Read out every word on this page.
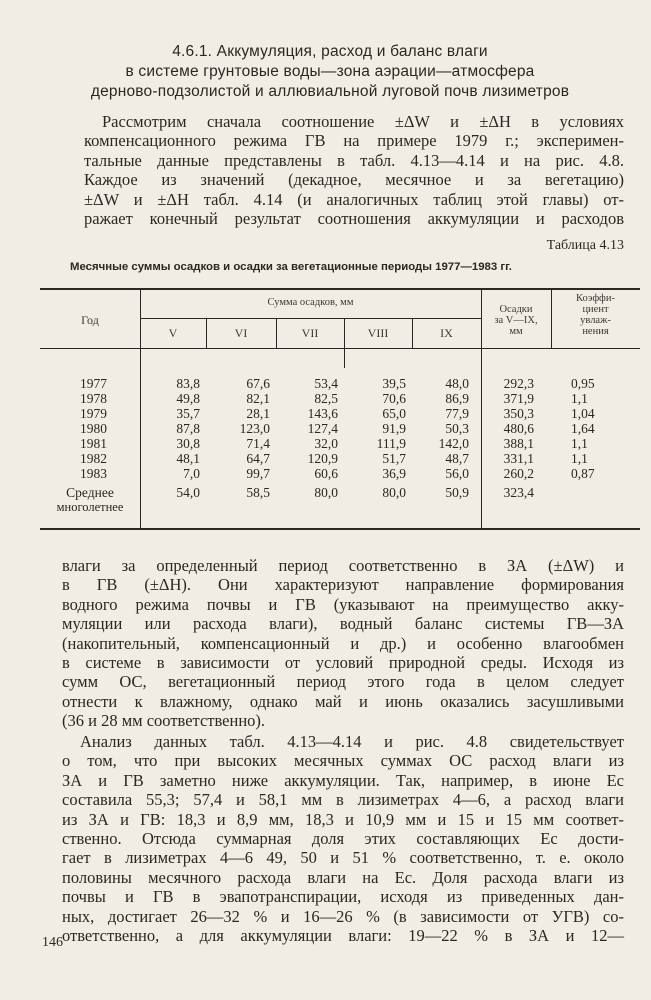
4.6.1. Аккумуляция, расход и баланс влаги
в системе грунтовые воды—зона аэрации—атмосфера
дерново-подзолистой и аллювиальной луговой почв лизиметров
Рассмотрим сначала соотношение ±ΔW и ±ΔH в условиях
компенсационного режима ГВ на примере 1979 г.; эксперимен-
тальные данные представлены в табл. 4.13—4.14 и на рис. 4.8.
Каждое из значений (декадное, месячное и за вегетацию)
±ΔW и ±ΔH табл. 4.14 (и аналогичных таблиц этой главы) от-
ражает конечный результат соотношения аккумуляции и расходов
Таблица 4.13
Месячные суммы осадков и осадки за вегетационные периоды 1977—1983 гг.
Год
Сумма осадков, мм
V	VI	VII	VIII	IX
Осадки
за V—IX,
мм
Коэффи-
циент
увлаж-
нения
1977	83,8	67,6	53,4	39,5	48,0	292,3	0,95
1978	49,8	82,1	82,5	70,6	86,9	371,9	1,1
1979	35,7	28,1	143,6	65,0	77,9	350,3	1,04
1980	87,8	123,0	127,4	91,9	50,3	480,6	1,64
1981	30,8	71,4	32,0	111,9	142,0	388,1	1,1
1982	48,1	64,7	120,9	51,7	48,7	331,1	1,1
1983	7,0	99,7	60,6	36,9	56,0	260,2	0,87
Среднее
многолетнее
54,0	58,5	80,0	80,0	50,9	323,4
влаги за определенный период соответственно в ЗА (±ΔW) и
в ГВ (±ΔH). Они характеризуют направление формирования
водного режима почвы и ГВ (указывают на преимущество акку-
муляции или расхода влаги), водный баланс системы ГВ—ЗА
(накопительный, компенсационный и др.) и особенно влагообмен
в системе в зависимости от условий природной среды. Исходя из
сумм ОС, вегетационный период этого года в целом следует
отнести к влажному, однако май и июнь оказались засушливыми
(36 и 28 мм соответственно).
Анализ данных табл. 4.13—4.14 и рис. 4.8 свидетельствует
о том, что при высоких месячных суммах ОС расход влаги из
ЗА и ГВ заметно ниже аккумуляции. Так, например, в июне Ec
составила 55,3; 57,4 и 58,1 мм в лизиметрах 4—6, а расход влаги
из ЗА и ГВ: 18,3 и 8,9 мм, 18,3 и 10,9 мм и 15 и 15 мм соответ-
ственно. Отсюда суммарная доля этих составляющих Ec дости-
гает в лизиметрах 4—6 49, 50 и 51 % соответственно, т. е. около
половины месячного расхода влаги на Ec. Доля расхода влаги из
почвы и ГВ в эвапотранспирации, исходя из приведенных дан-
ных, достигает 26—32 % и 16—26 % (в зависимости от УГВ) со-
ответственно, а для аккумуляции влаги: 19—22 % в ЗА и 12—
146
